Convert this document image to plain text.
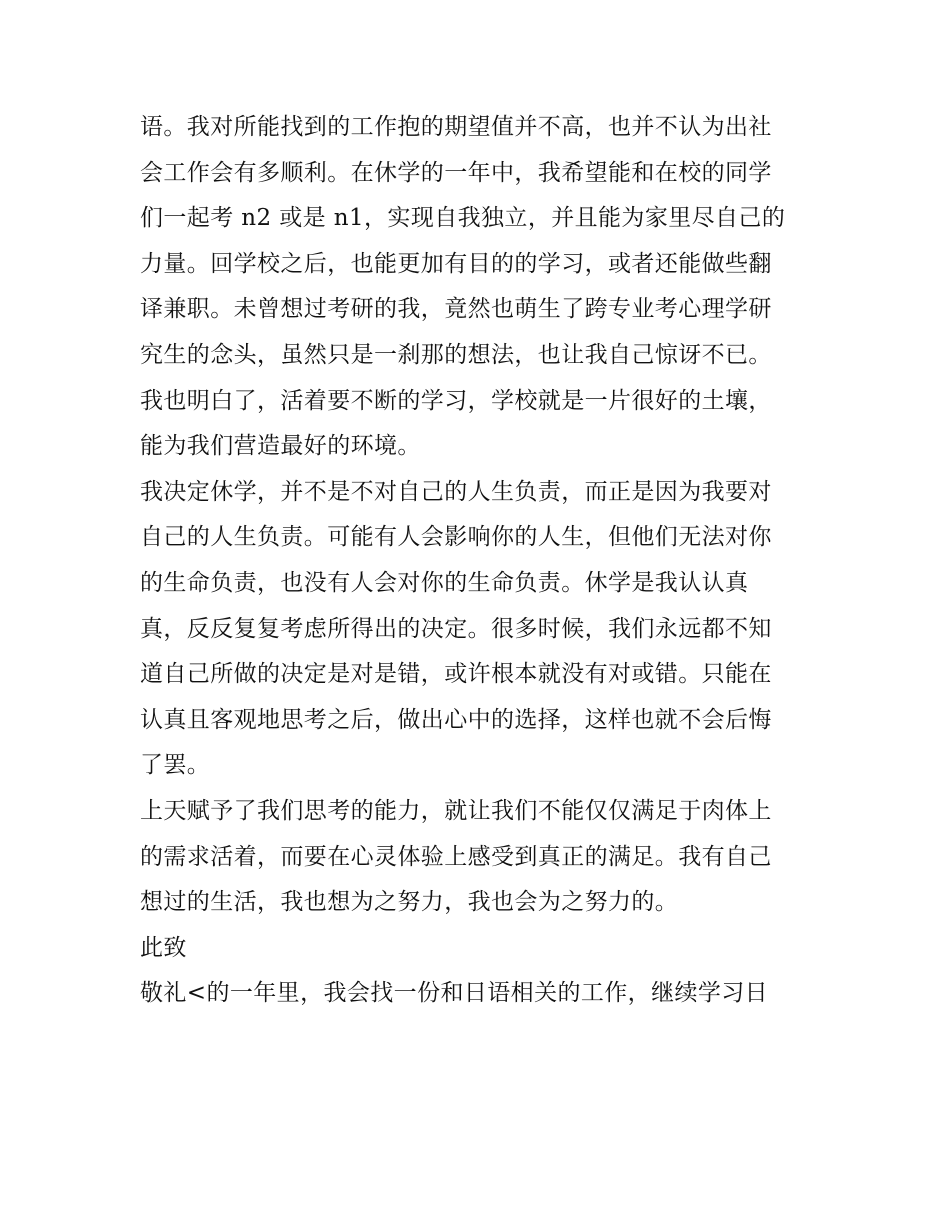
语。我对所能找到的工作抱的期望值并不高，也并不认为出社
会工作会有多顺利。在休学的一年中，我希望能和在校的同学
们一起考 n2 或是 n1，实现自我独立，并且能为家里尽自己的
力量。回学校之后，也能更加有目的的学习，或者还能做些翻
译兼职。未曾想过考研的我，竟然也萌生了跨专业考心理学研
究生的念头，虽然只是一刹那的想法，也让我自己惊讶不已。
我也明白了，活着要不断的学习，学校就是一片很好的土壤，
能为我们营造最好的环境。
我决定休学，并不是不对自己的人生负责，而正是因为我要对
自己的人生负责。可能有人会影响你的人生，但他们无法对你
的生命负责，也没有人会对你的生命负责。休学是我认认真
真，反反复复考虑所得出的决定。很多时候，我们永远都不知
道自己所做的决定是对是错，或许根本就没有对或错。只能在
认真且客观地思考之后，做出心中的选择，这样也就不会后悔
了罢。
上天赋予了我们思考的能力，就让我们不能仅仅满足于肉体上
的需求活着，而要在心灵体验上感受到真正的满足。我有自己
想过的生活，我也想为之努力，我也会为之努力的。
此致
敬礼<的一年里，我会找一份和日语相关的工作，继续学习日
